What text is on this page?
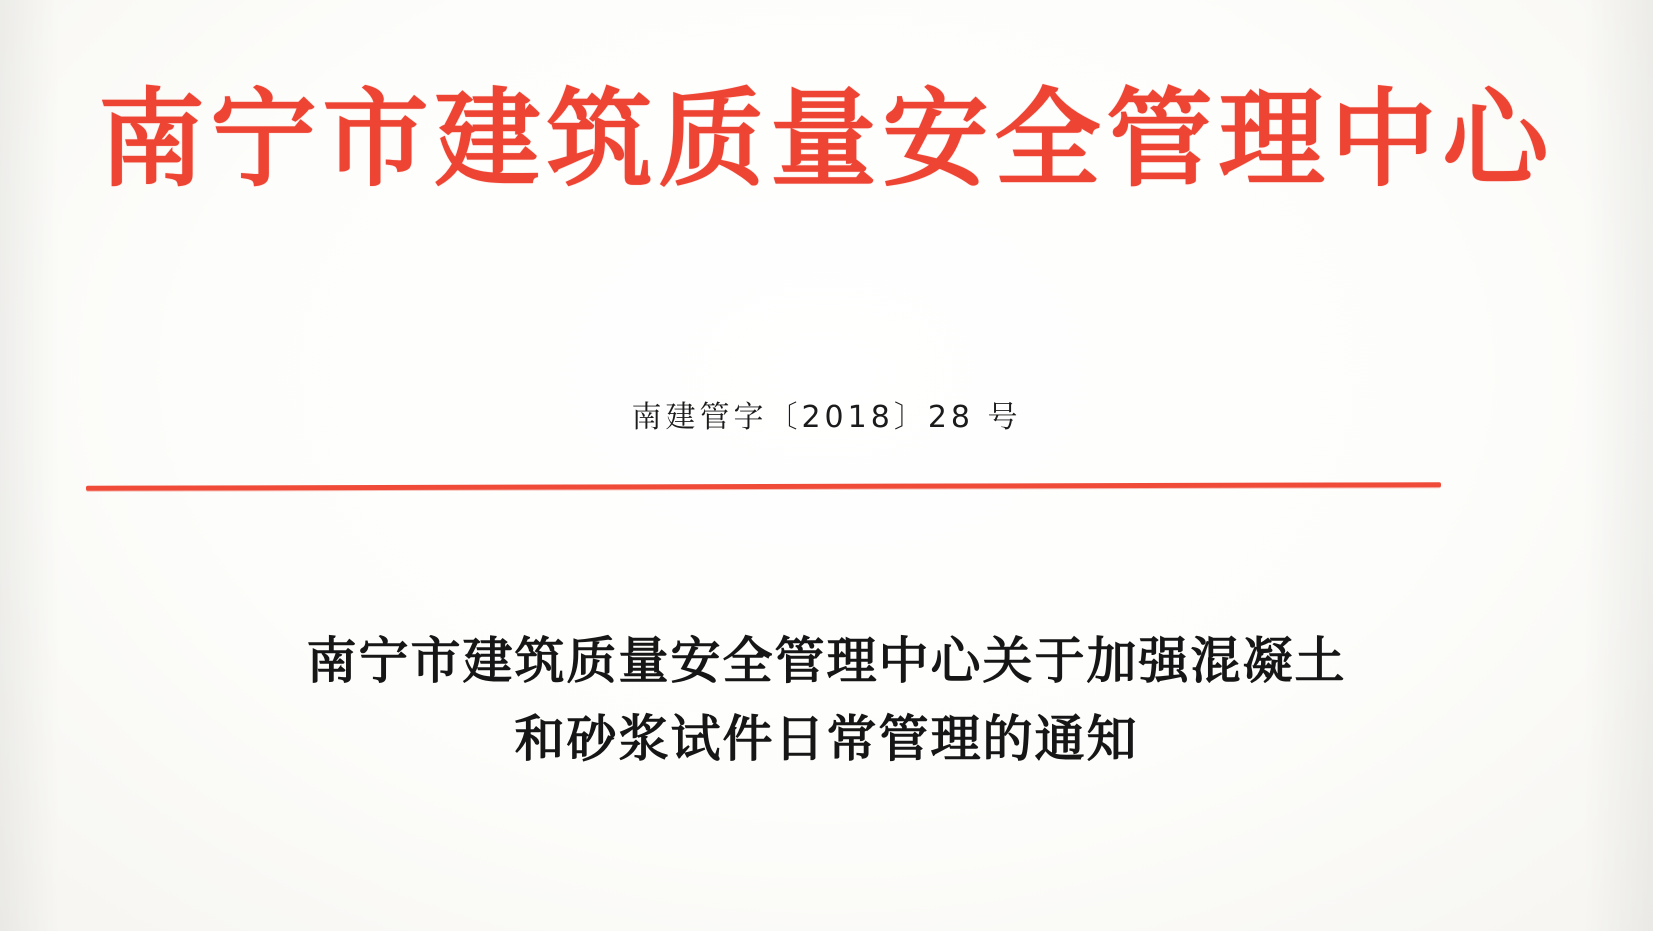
南宁市建筑质量安全管理中心
南建管字〔2018〕28 号
南宁市建筑质量安全管理中心关于加强混凝土
和砂浆试件日常管理的通知
